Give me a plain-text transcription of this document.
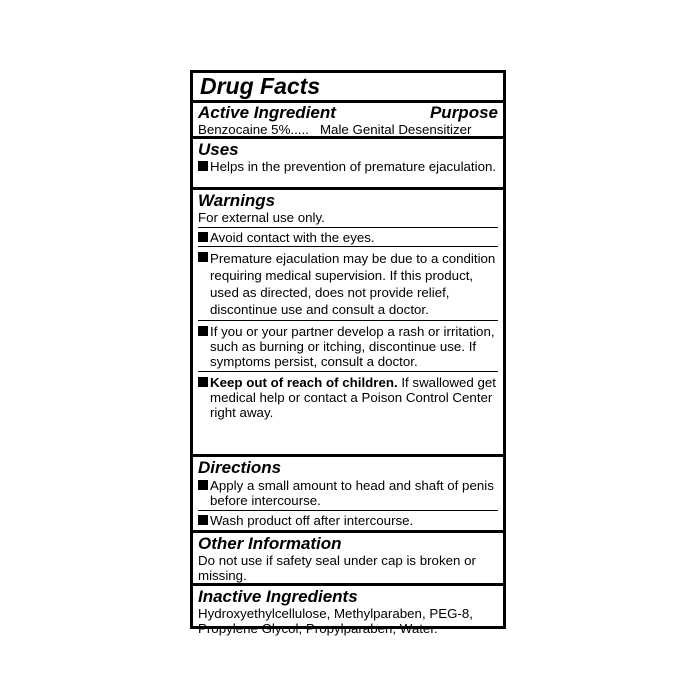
Drug Facts
Active Ingredient	Purpose
Benzocaine 5%..... Male Genital Desensitizer
Uses
Helps in the prevention of premature ejaculation.
Warnings
For external use only.
Avoid contact with the eyes.
Premature ejaculation may be due to a condition requiring medical supervision. If this product, used as directed, does not provide relief, discontinue use and consult a doctor.
If you or your partner develop a rash or irritation, such as burning or itching, discontinue use. If symptoms persist, consult a doctor.
Keep out of reach of children. If swallowed get medical help or contact a Poison Control Center right away.
Directions
Apply a small amount to head and shaft of penis before intercourse.
Wash product off after intercourse.
Other Information
Do not use if safety seal under cap is broken or missing.
Inactive Ingredients
Hydroxyethylcellulose, Methylparaben, PEG-8, Propylene Glycol, Propylparaben, Water.
